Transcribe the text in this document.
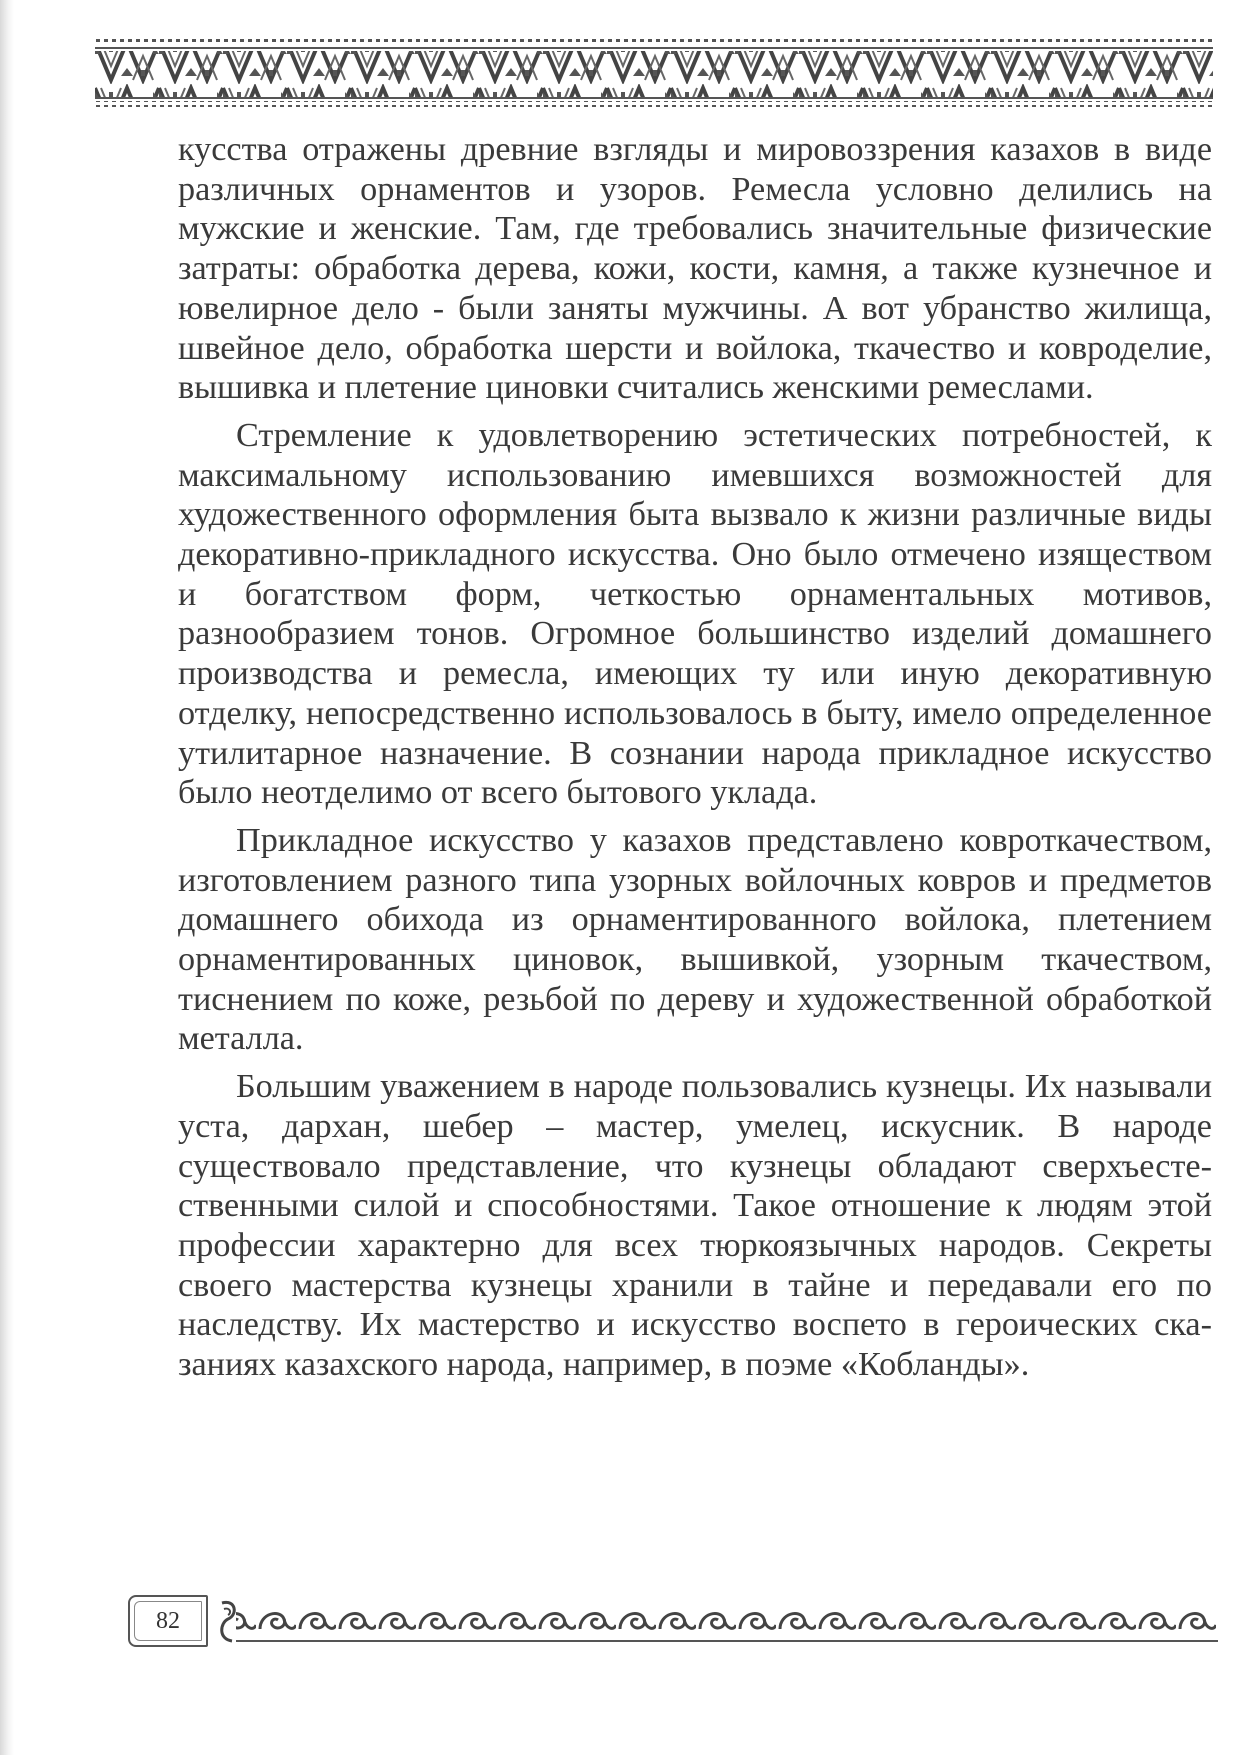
кусства отражены древние взгляды и мировоззрения казахов в виде различных орнаментов и узоров. Ремесла условно делились на мужские и женские. Там, где требовались значительные физические затраты: обработка дерева, кожи, кости, камня, а также кузнечное и ювелирное дело - были заняты мужчины. А вот убранство жилища, швейное дело, обработка шерсти и войлока, ткачество и ковроделие, вышивка и плетение циновки считались женскими ремеслами.

Стремление к удовлетворению эстетических потребностей, к максимальному использованию имевшихся возможностей для художественного оформления быта вызвало к жизни различные виды декоративно-прикладного искусства. Оно было отмечено изяществом и богатством форм, четкостью орнаментальных мотивов, разнообразием тонов. Огромное большинство изделий домашнего производства и ремесла, имеющих ту или иную декоративную отделку, непосредственно использовалось в быту, имело определенное утилитарное назначение. В сознании народа прикладное искусство было неотделимо от всего бытового уклада.

Прикладное искусство у казахов представлено ковроткачеством, изготовлением разного типа узорных войлочных ковров и предметов домашнего обихода из орнаментированного войлока, плетением орнаментированных циновок, вышивкой, узорным ткачеством, тиснением по коже, резьбой по дереву и художественной обработкой металла.

Большим уважением в народе пользовались кузнецы. Их называли уста, дархан, шебер – мастер, умелец, искусник. В народе существовало представление, что кузнецы обладают сверхъестественными силой и способностями. Такое отношение к людям этой профессии характерно для всех тюркоязычных народов. Секреты своего мастерства кузнецы хранили в тайне и передавали его по наследству. Их мастерство и искусство воспето в героических сказаниях казахского народа, например, в поэме «Кобланды».

82
